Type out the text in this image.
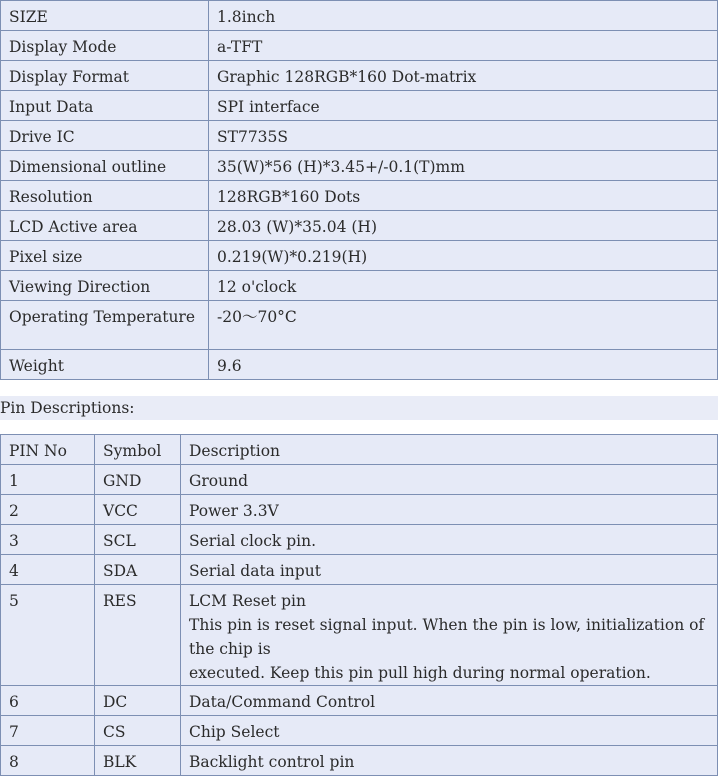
SIZE	1.8inch
Display Mode	a-TFT
Display Format	Graphic 128RGB*160 Dot-matrix
Input Data	SPI interface
Drive IC	ST7735S
Dimensional outline	35(W)*56 (H)*3.45+/-0.1(T)mm
Resolution	128RGB*160 Dots
LCD Active area	28.03 (W)*35.04 (H)
Pixel size	0.219(W)*0.219(H)
Viewing Direction	12 o'clock
Operating Temperature	-20～70°C
Weight	9.6
Pin Descriptions:
PIN No	Symbol	Description
1	GND	Ground

2	VCC	Power 3.3V

3	SCL	Serial clock pin.

4	SDA	Serial data input

5	RES	LCM Reset pin
This pin is reset signal input. When the pin is low, initialization of the chip is
executed. Keep this pin pull high during normal operation.

6	DC	Data/Command Control

7	CS	Chip Select

8	BLK	Backlight control pin
